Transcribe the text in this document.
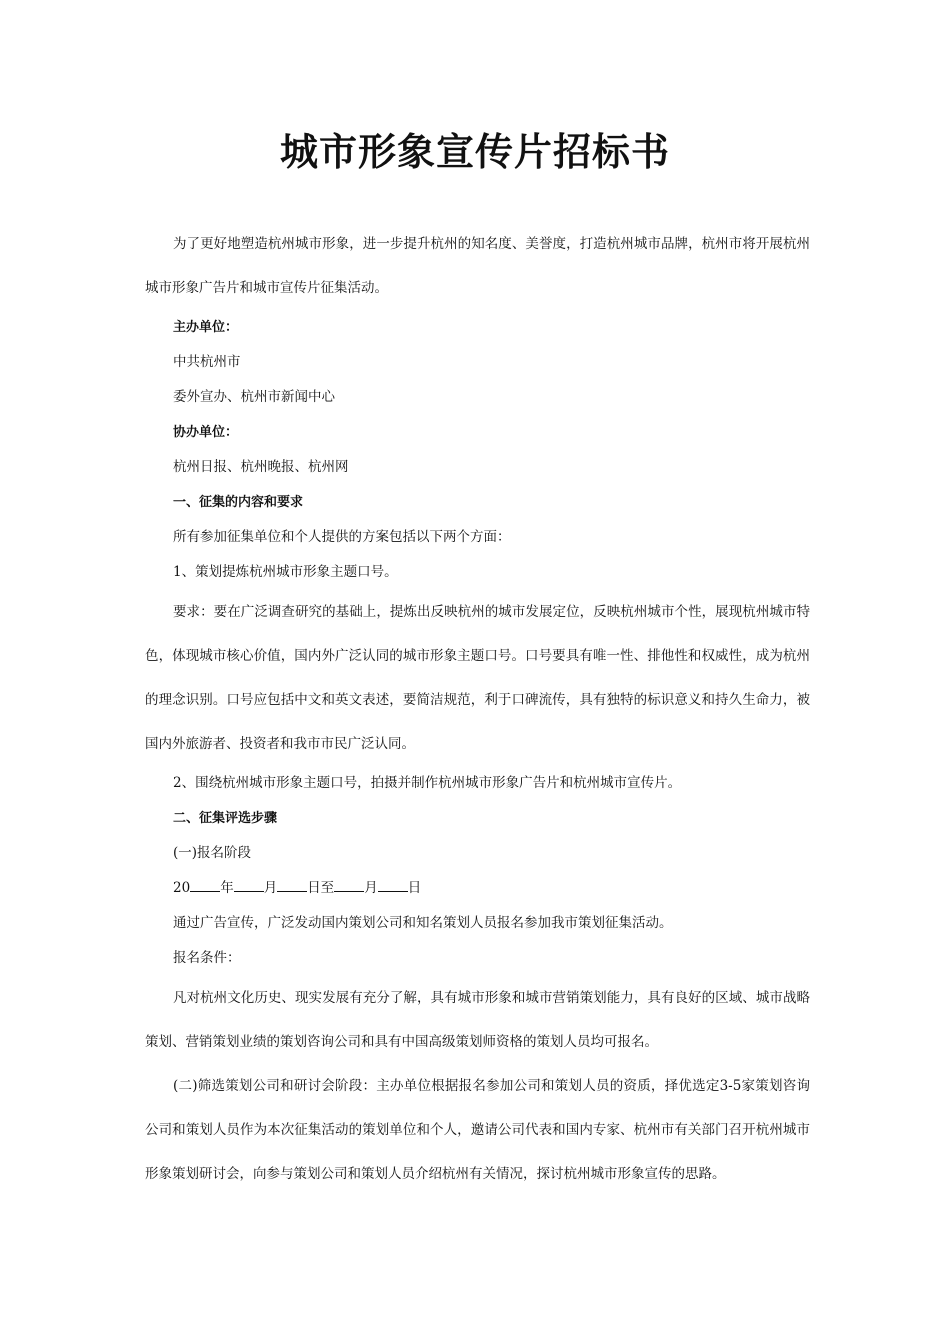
城市形象宣传片招标书

为了更好地塑造杭州城市形象，进一步提升杭州的知名度、美誉度，打造杭州城市品牌，杭州市将开展杭州城市形象广告片和城市宣传片征集活动。

主办单位：

中共杭州市

委外宣办、杭州市新闻中心

协办单位：

杭州日报、杭州晚报、杭州网

一、征集的内容和要求

所有参加征集单位和个人提供的方案包括以下两个方面：

1、策划提炼杭州城市形象主题口号。

要求：要在广泛调查研究的基础上，提炼出反映杭州的城市发展定位，反映杭州城市个性，展现杭州城市特色，体现城市核心价值，国内外广泛认同的城市形象主题口号。口号要具有唯一性、排他性和权威性，成为杭州的理念识别。口号应包括中文和英文表述，要简洁规范，利于口碑流传，具有独特的标识意义和持久生命力，被国内外旅游者、投资者和我市市民广泛认同。

2、围绕杭州城市形象主题口号，拍摄并制作杭州城市形象广告片和杭州城市宣传片。

二、征集评选步骤

(一)报名阶段

20 年 月 日至 月 日

通过广告宣传，广泛发动国内策划公司和知名策划人员报名参加我市策划征集活动。

报名条件：

凡对杭州文化历史、现实发展有充分了解，具有城市形象和城市营销策划能力，具有良好的区域、城市战略策划、营销策划业绩的策划咨询公司和具有中国高级策划师资格的策划人员均可报名。

(二)筛选策划公司和研讨会阶段：主办单位根据报名参加公司和策划人员的资质，择优选定3-5家策划咨询公司和策划人员作为本次征集活动的策划单位和个人，邀请公司代表和国内专家、杭州市有关部门召开杭州城市形象策划研讨会，向参与策划公司和策划人员介绍杭州有关情况，探讨杭州城市形象宣传的思路。
